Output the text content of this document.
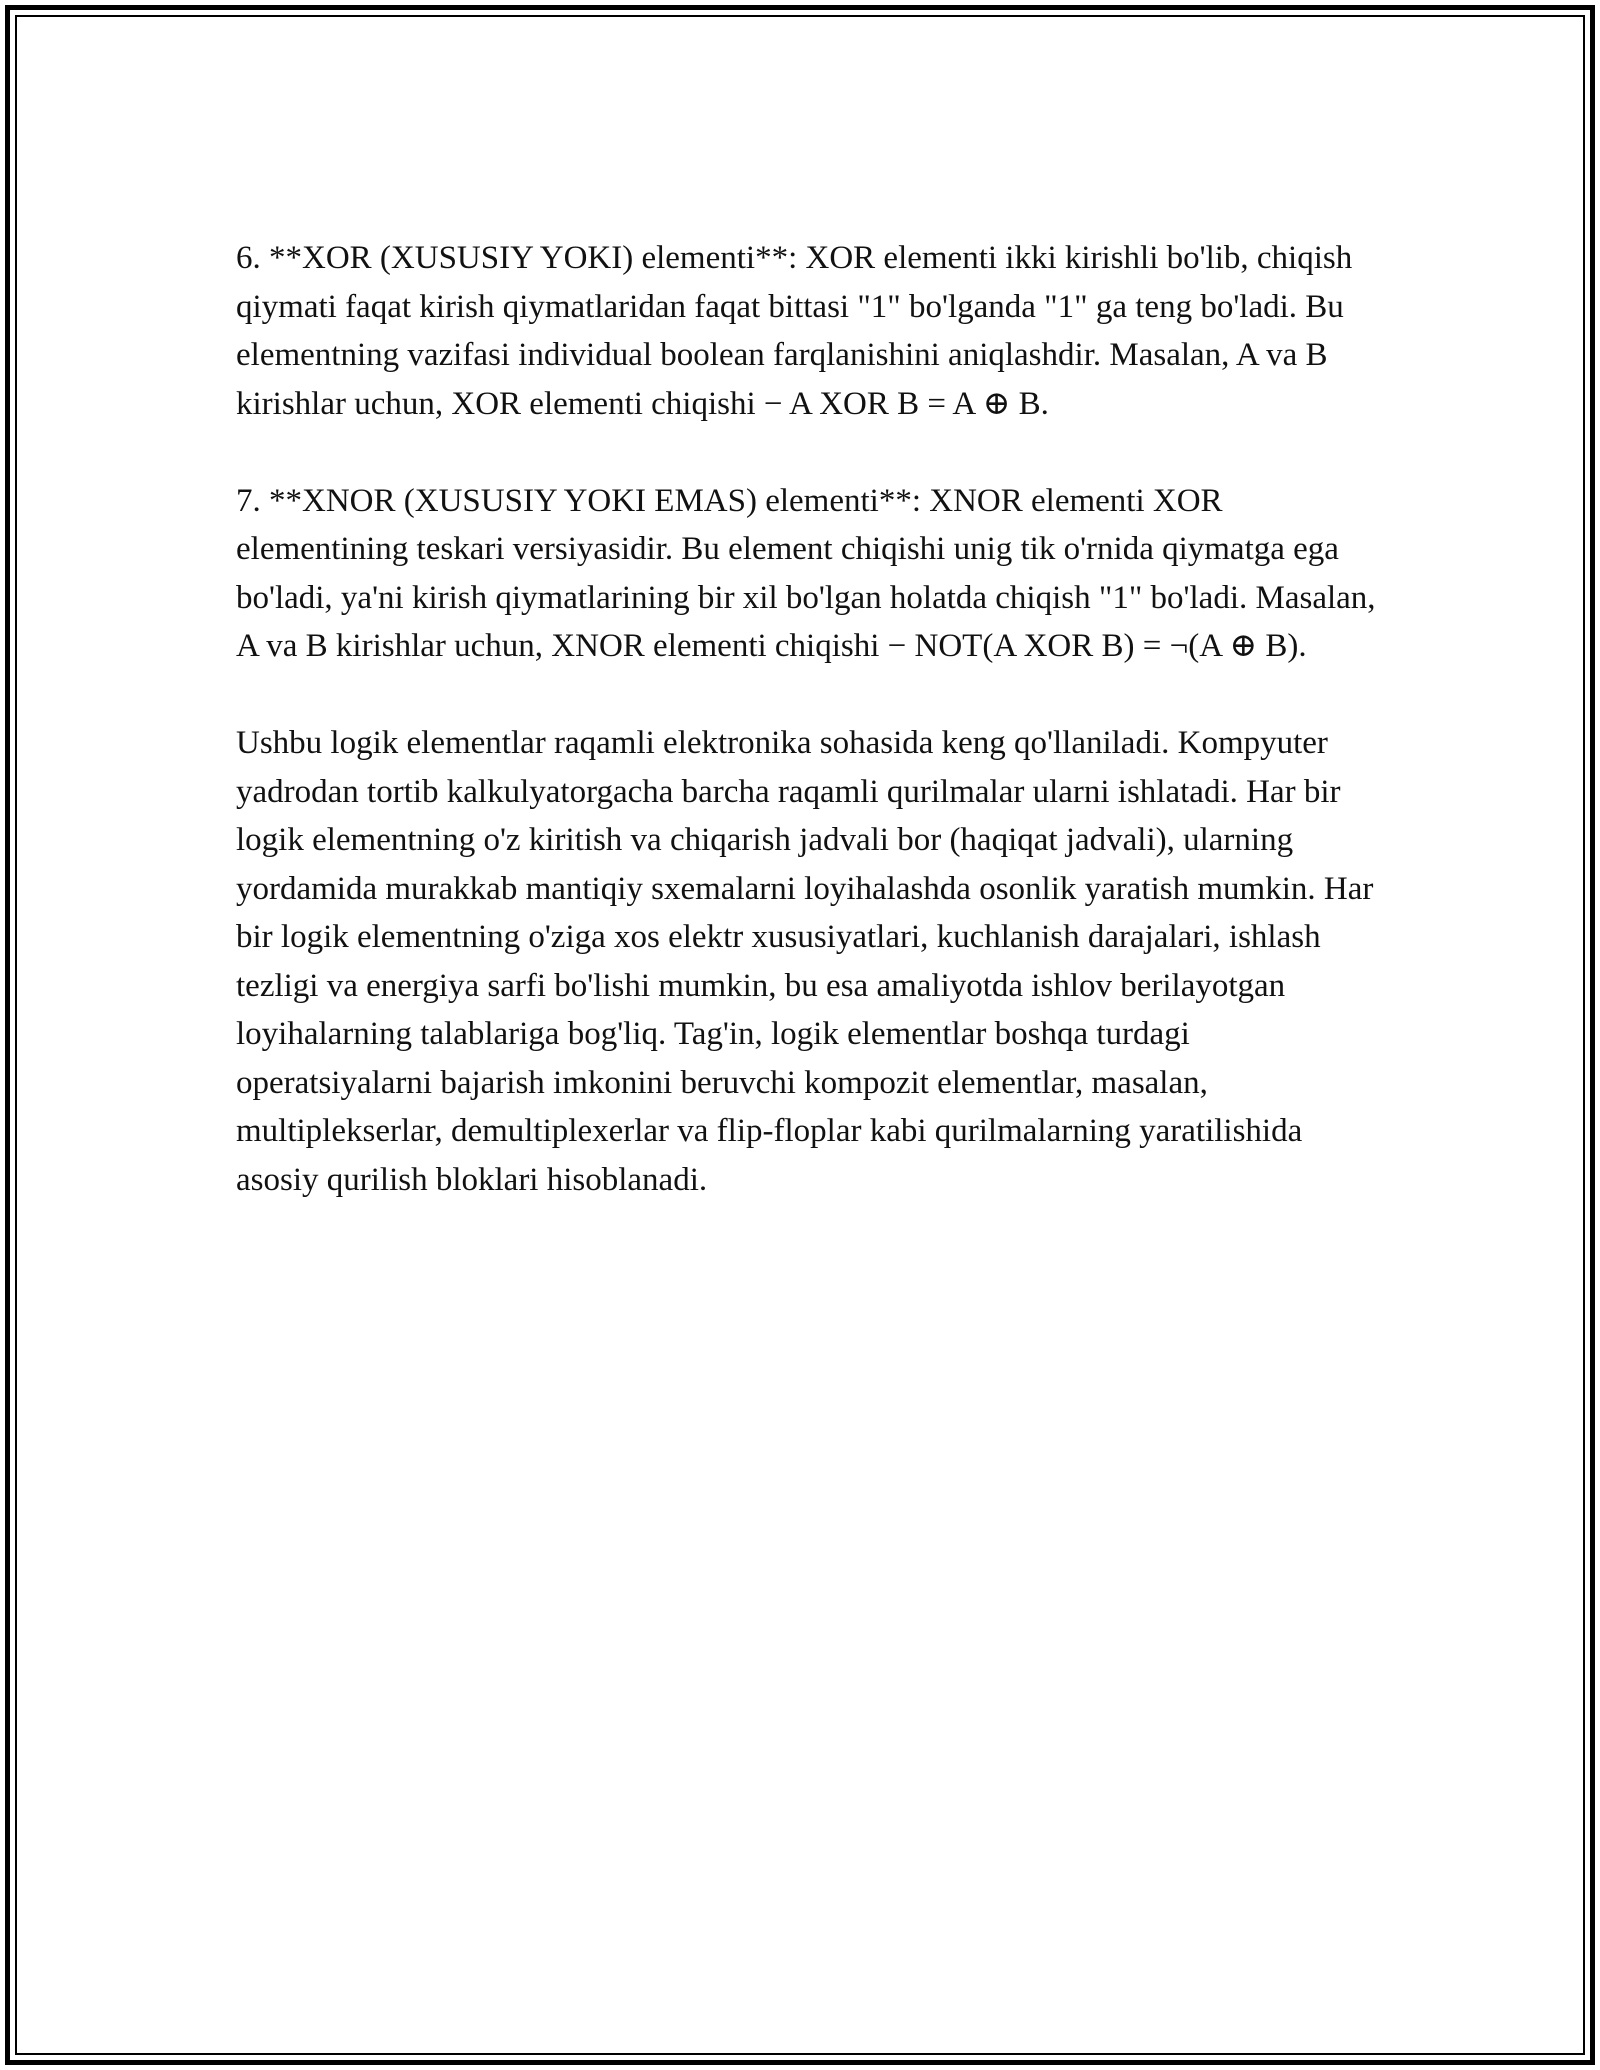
6. **XOR (XUSUSIY YOKI) elementi**: XOR elementi ikki kirishli bo'lib, chiqish qiymati faqat kirish qiymatlaridan faqat bittasi "1" bo'lganda "1" ga teng bo'ladi. Bu elementning vazifasi individual boolean farqlanishini aniqlashdir. Masalan, A va B kirishlar uchun, XOR elementi chiqishi − A XOR B = A ⊕ B.

7. **XNOR (XUSUSIY YOKI EMAS) elementi**: XNOR elementi XOR elementining teskari versiyasidir. Bu element chiqishi unig tik o'rnida qiymatga ega bo'ladi, ya'ni kirish qiymatlarining bir xil bo'lgan holatda chiqish "1" bo'ladi. Masalan, A va B kirishlar uchun, XNOR elementi chiqishi − NOT(A XOR B) = ¬(A ⊕ B).

Ushbu logik elementlar raqamli elektronika sohasida keng qo'llaniladi. Kompyuter yadrodan tortib kalkulyatorgacha barcha raqamli qurilmalar ularni ishlatadi. Har bir logik elementning o'z kiritish va chiqarish jadvali bor (haqiqat jadvali), ularning yordamida murakkab mantiqiy sxemalarni loyihalashda osonlik yaratish mumkin. Har bir logik elementning o'ziga xos elektr xususiyatlari, kuchlanish darajalari, ishlash tezligi va energiya sarfi bo'lishi mumkin, bu esa amaliyotda ishlov berilayotgan loyihalarning talablariga bog'liq. Tag'in, logik elementlar boshqa turdagi operatsiyalarni bajarish imkonini beruvchi kompozit elementlar, masalan, multiplekserlar, demultiplexerlar va flip-floplar kabi qurilmalarning yaratilishida asosiy qurilish bloklari hisoblanadi.
